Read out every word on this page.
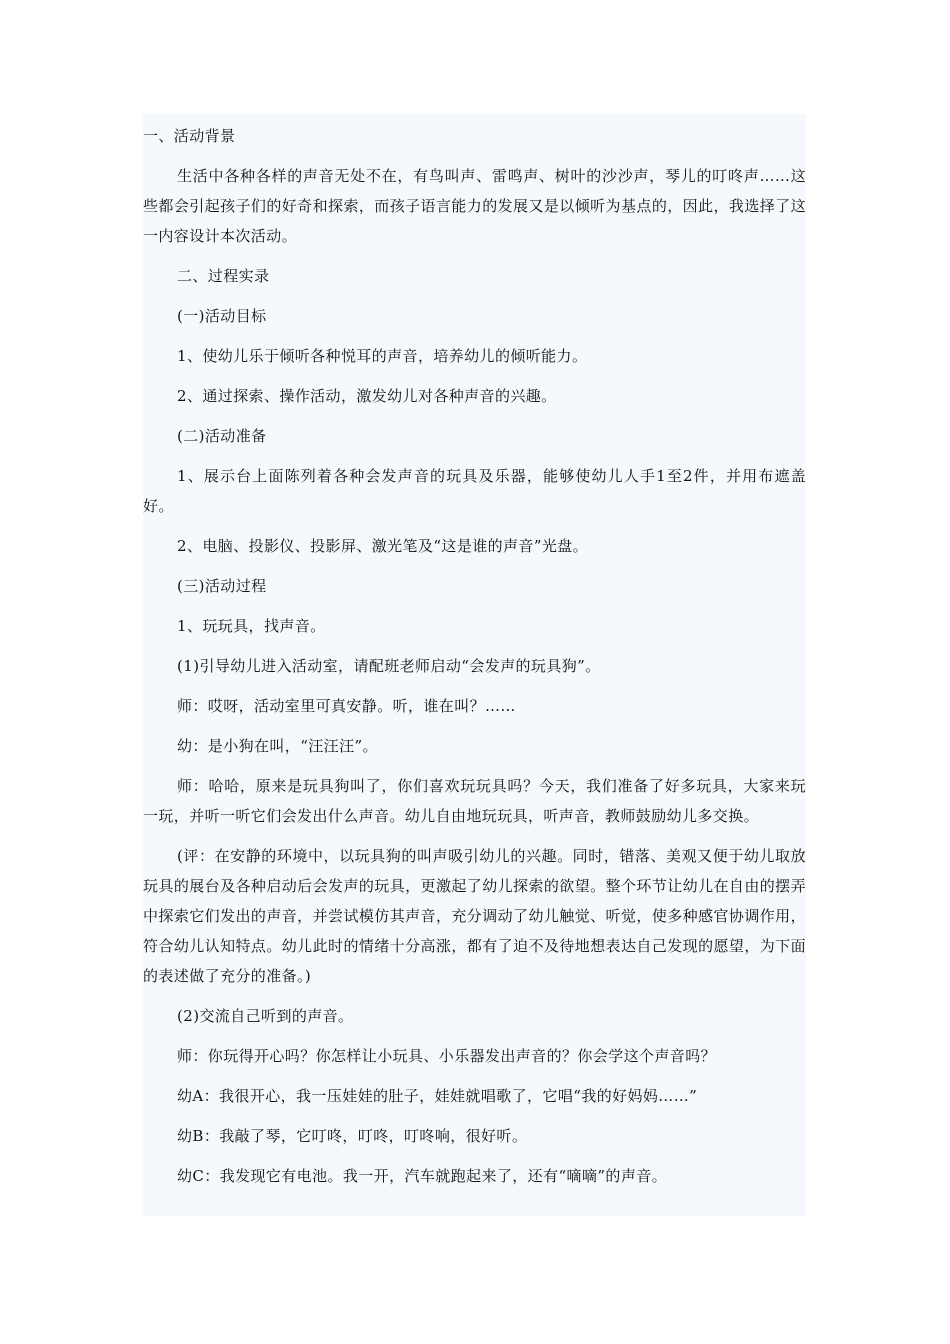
一、活动背景

生活中各种各样的声音无处不在，有鸟叫声、雷鸣声、树叶的沙沙声，琴儿的叮咚声……这些都会引起孩子们的好奇和探索，而孩子语言能力的发展又是以倾听为基点的，因此，我选择了这一内容设计本次活动。

二、过程实录

(一)活动目标

1、使幼儿乐于倾听各种悦耳的声音，培养幼儿的倾听能力。

2、通过探索、操作活动，激发幼儿对各种声音的兴趣。

(二)活动准备

1、展示台上面陈列着各种会发声音的玩具及乐器，能够使幼儿人手1至2件，并用布遮盖好。

2、电脑、投影仪、投影屏、激光笔及“这是谁的声音”光盘。

(三)活动过程

1、玩玩具，找声音。

(1)引导幼儿进入活动室，请配班老师启动“会发声的玩具狗”。

师：哎呀，活动室里可真安静。听，谁在叫？……

幼：是小狗在叫，“汪汪汪”。

师：哈哈，原来是玩具狗叫了，你们喜欢玩玩具吗？今天，我们准备了好多玩具，大家来玩一玩，并听一听它们会发出什么声音。幼儿自由地玩玩具，听声音，教师鼓励幼儿多交换。

(评：在安静的环境中，以玩具狗的叫声吸引幼儿的兴趣。同时，错落、美观又便于幼儿取放玩具的展台及各种启动后会发声的玩具，更激起了幼儿探索的欲望。整个环节让幼儿在自由的摆弄中探索它们发出的声音，并尝试模仿其声音，充分调动了幼儿触觉、听觉，使多种感官协调作用，符合幼儿认知特点。幼儿此时的情绪十分高涨，都有了迫不及待地想表达自己发现的愿望，为下面的表述做了充分的准备。)

(2)交流自己听到的声音。

师：你玩得开心吗？你怎样让小玩具、小乐器发出声音的？你会学这个声音吗？

幼A：我很开心，我一压娃娃的肚子，娃娃就唱歌了，它唱“我的好妈妈……”

幼B：我敲了琴，它叮咚，叮咚，叮咚响，很好听。

幼C：我发现它有电池。我一开，汽车就跑起来了，还有“嘀嘀”的声音。
